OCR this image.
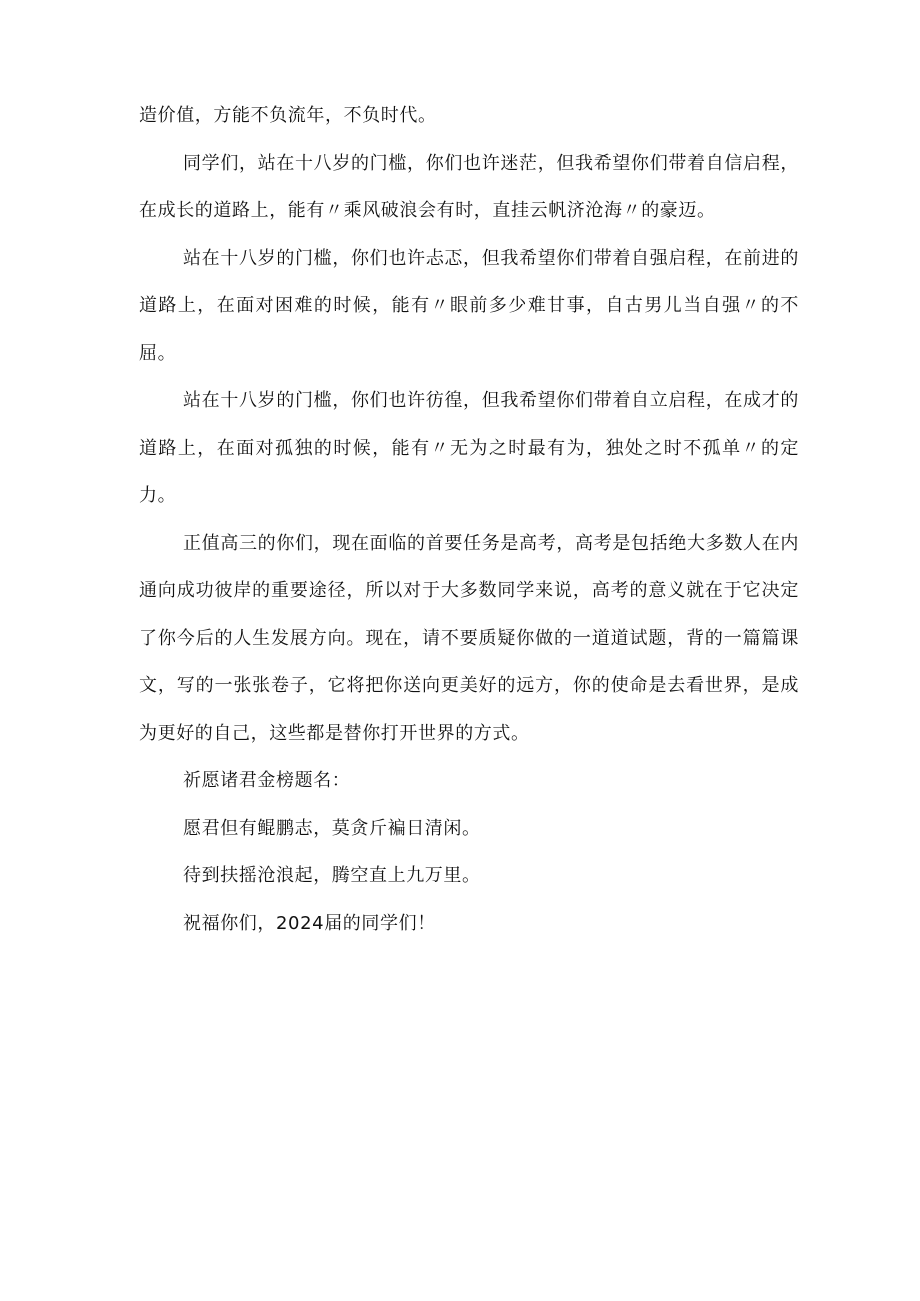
造价值，方能不负流年，不负时代。

同学们，站在十八岁的门槛，你们也许迷茫，但我希望你们带着自信启程，在成长的道路上，能有〃乘风破浪会有时，直挂云帆济沧海〃的豪迈。

站在十八岁的门槛，你们也许忐忑，但我希望你们带着自强启程，在前进的道路上，在面对困难的时候，能有〃眼前多少难甘事，自古男儿当自强〃的不屈。

站在十八岁的门槛，你们也许彷徨，但我希望你们带着自立启程，在成才的道路上，在面对孤独的时候，能有〃无为之时最有为，独处之时不孤单〃的定力。

正值高三的你们，现在面临的首要任务是高考，高考是包括绝大多数人在内通向成功彼岸的重要途径，所以对于大多数同学来说，高考的意义就在于它决定了你今后的人生发展方向。现在，请不要质疑你做的一道道试题，背的一篇篇课文，写的一张张卷子，它将把你送向更美好的远方，你的使命是去看世界，是成为更好的自己，这些都是替你打开世界的方式。

祈愿诸君金榜题名：

愿君但有鲲鹏志，莫贪斤褊日清闲。

待到扶摇沧浪起，腾空直上九万里。

祝福你们，2024届的同学们！
